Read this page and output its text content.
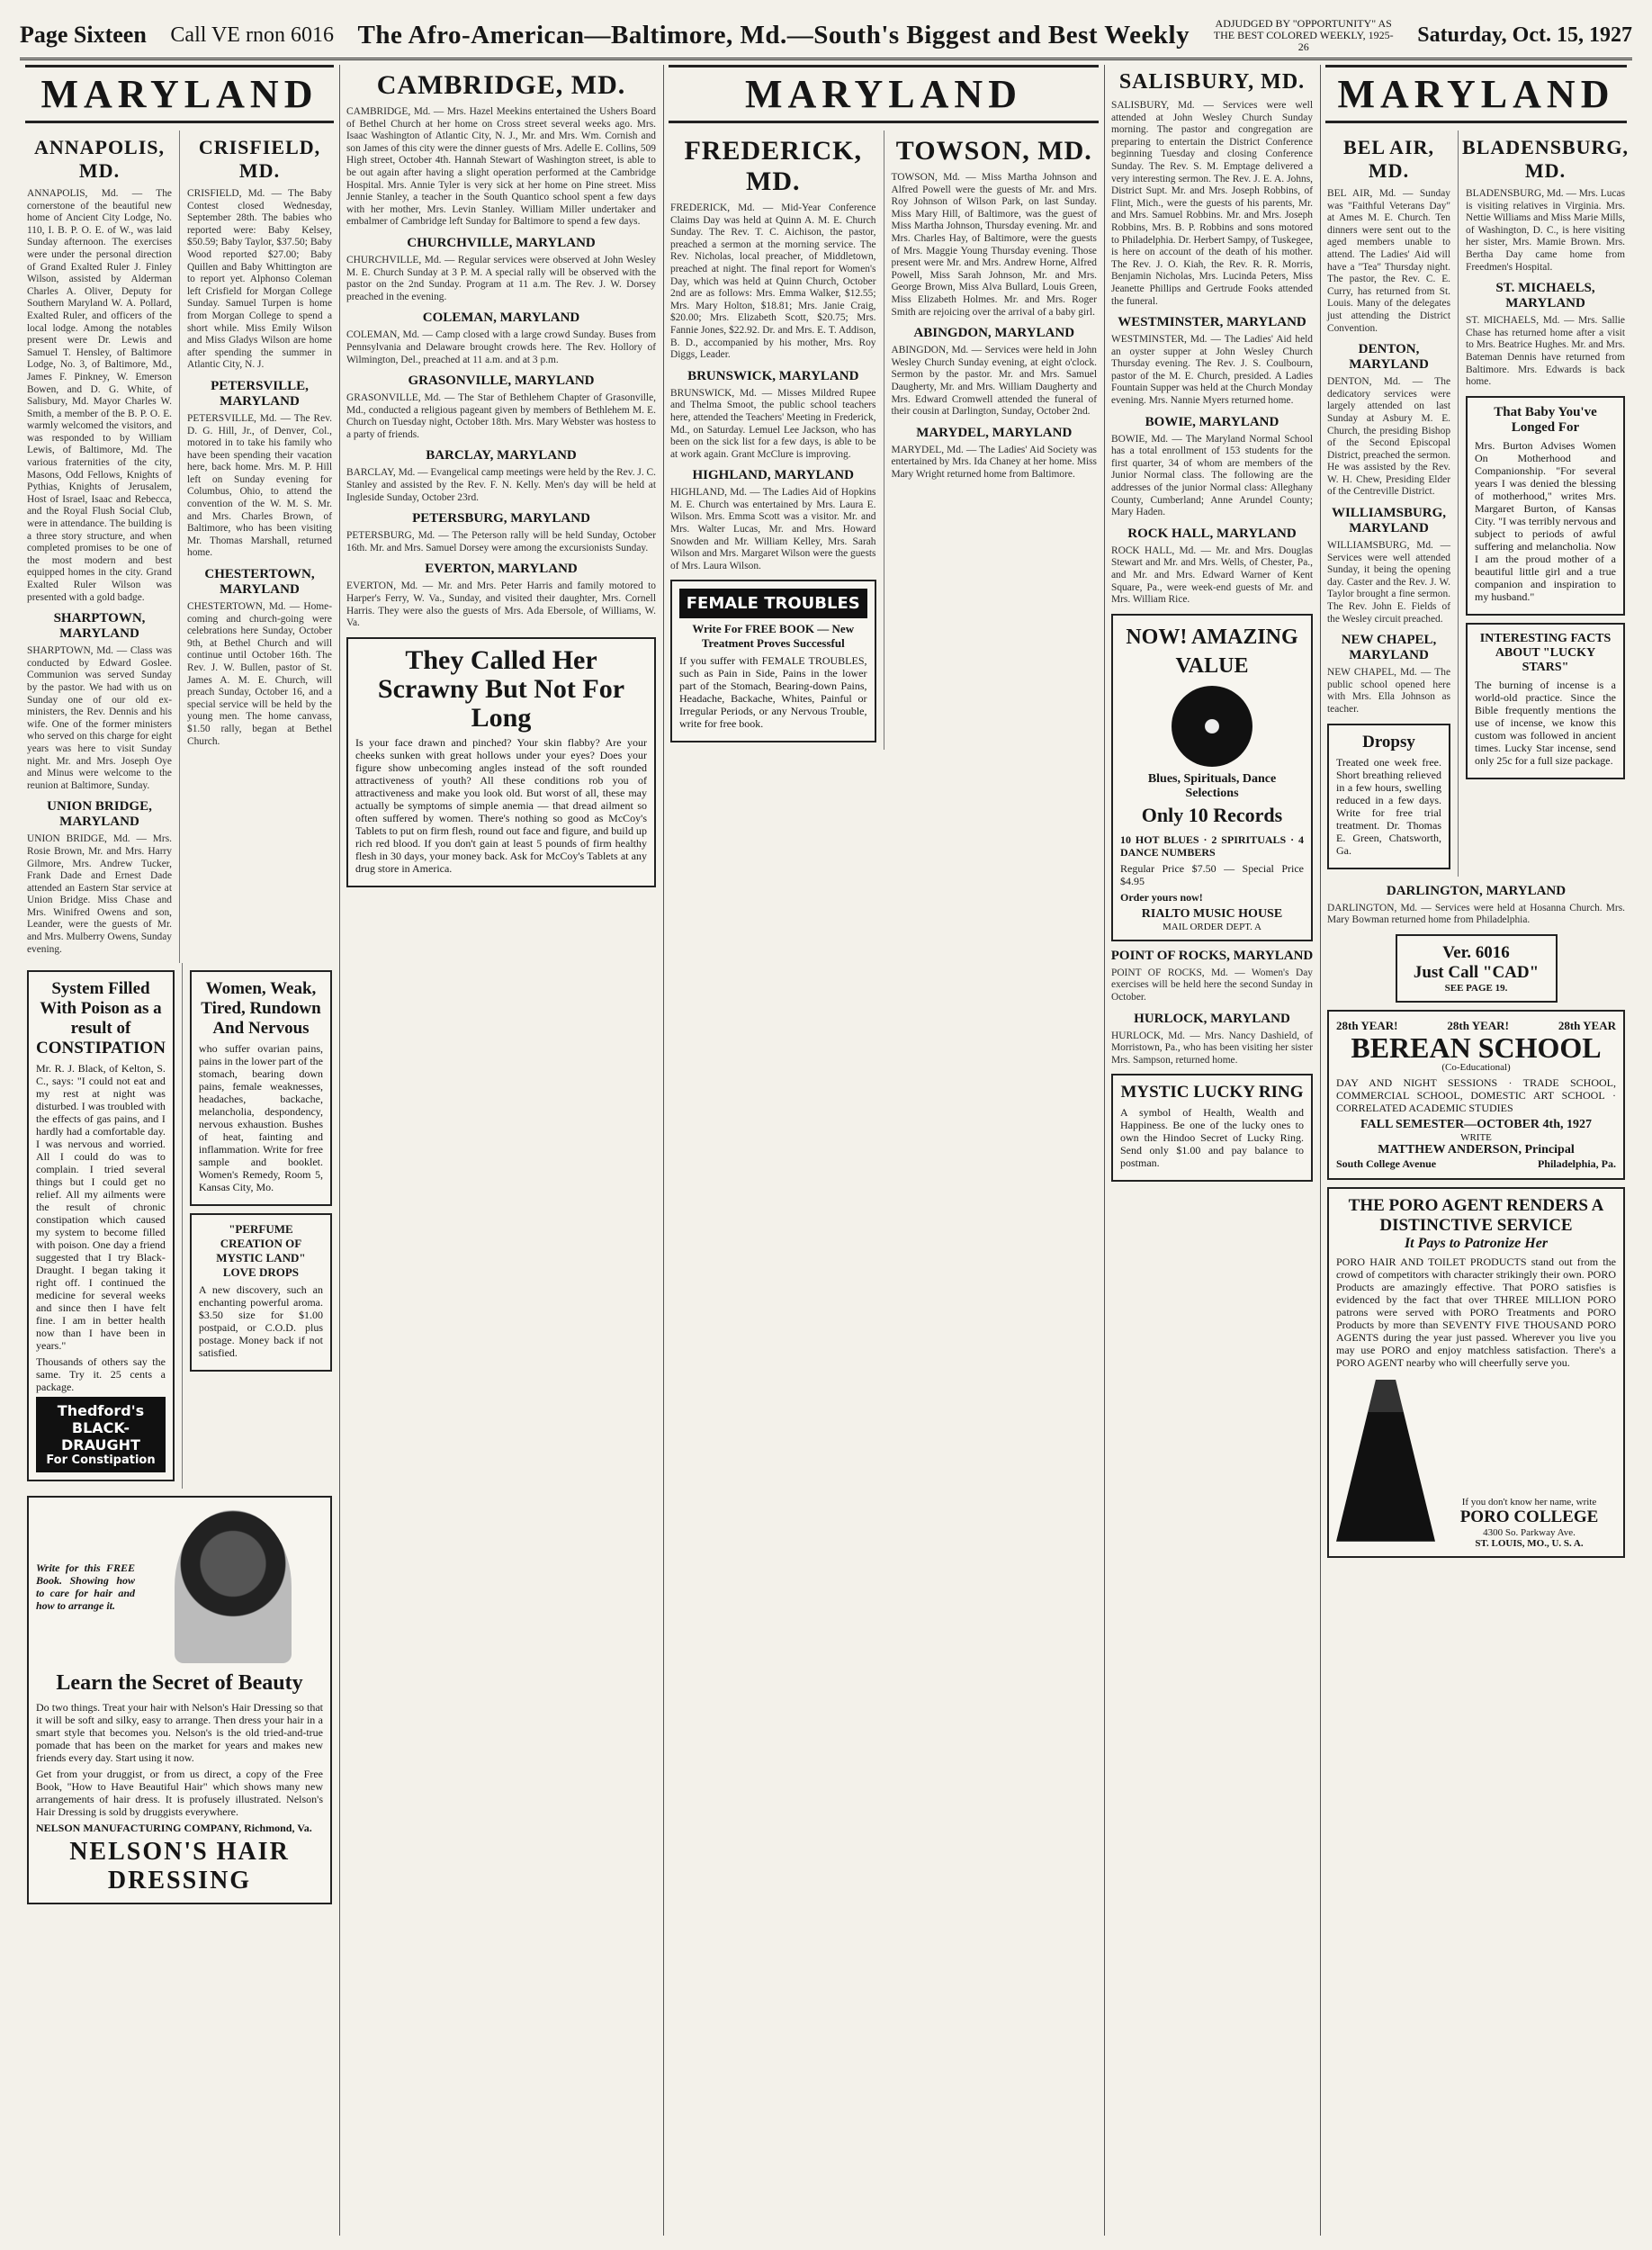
Page Sixteen Call VE rnon 6016 The Afro-American—Baltimore, Md.—South's Biggest and Best Weekly ADJUDGED BY "OPPORTUNITY" AS THE BEST COLORED WEEKLY, 1925-26	Saturday, Oct. 15, 1927
MARYLAND
ANNAPOLIS, MD.
ANNAPOLIS, Md. — The cornerstone of the beautiful new home of Ancient City Lodge, No. 110, I. B. P. O. E. of W., was laid Sunday afternoon. The exercises were under the personal direction of Grand Exalted Ruler J. Finley Wilson, assisted by Alderman Charles A. Oliver, Deputy for Southern Maryland W. A. Pollard, Exalted Ruler, and officers of the local lodge. Among the notables present were Dr. Lewis and Samuel T. Hensley, of Baltimore Lodge, No. 3, of Baltimore, Md., James F. Pinkney, W. Emerson Bowen, and D. G. White, of Salisbury, Md. Mayor Charles W. Smith, a member of the B. P. O. E. warmly welcomed the visitors, and was responded to by William Lewis, of Baltimore, Md. The various fraternities of the city, Masons, Odd Fellows, Knights of Pythias, Knights of Jerusalem, Host of Israel, Isaac and Rebecca, and the Royal Flush Social Club, were in attendance. The building is a three story structure, and when completed promises to be one of the most modern and best equipped homes in the city. Grand Exalted Ruler Wilson was presented with a gold badge.
SHARPTOWN, MARYLAND
SHARPTOWN, Md. — Class was conducted by Edward Goslee. Communion was served Sunday by the pastor. We had with us on Sunday one of our old ex-ministers, the Rev. Dennis and his wife. One of the former ministers who served on this charge for eight years was here to visit Sunday night. Mr. and Mrs. Joseph Oye and Minus were welcome to the reunion at Baltimore, Sunday.
UNION BRIDGE, MARYLAND
UNION BRIDGE, Md. — Mrs. Rosie Brown, Mr. and Mrs. Harry Gilmore, Mrs. Andrew Tucker, Frank Dade and Ernest Dade attended an Eastern Star service at Union Bridge. Miss Chase and Mrs. Winifred Owens and son, Leander, were the guests of Mr. and Mrs. Mulberry Owens, Sunday evening.
CRISFIELD, MD.
CRISFIELD, Md. — The Baby Contest closed Wednesday, September 28th. The babies who reported were: Baby Kelsey, $50.59; Baby Taylor, $37.50; Baby Wood reported $27.00; Baby Quillen and Baby Whittington are to report yet. Alphonso Coleman left Crisfield for Morgan College Sunday. Samuel Turpen is home from Morgan College to spend a short while. Miss Emily Wilson and Miss Gladys Wilson are home after spending the summer in Atlantic City, N. J.
PETERSVILLE, MARYLAND
PETERSVILLE, Md. — The Rev. D. G. Hill, Jr., of Denver, Col., motored in to take his family who have been spending their vacation here, back home. Mrs. M. P. Hill left on Sunday evening for Columbus, Ohio, to attend the convention of the W. M. S. Mr. and Mrs. Charles Brown, of Baltimore, who has been visiting Mr. Thomas Marshall, returned home.
CHESTERTOWN, MARYLAND
CHESTERTOWN, Md. — Home-coming and church-going were celebrations here Sunday, October 9th, at Bethel Church and will continue until October 16th. The Rev. J. W. Bullen, pastor of St. James A. M. E. Church, will preach Sunday, October 16, and a special service will be held by the young men. The home canvass, $1.50 rally, began at Bethel Church.
System Filled With Poison as a result of CONSTIPATION

Mr. R. J. Black, of Kelton, S. C., says: "I could not eat and my rest at night was disturbed. I was troubled with the effects of gas pains, and I hardly had a comfortable day. I was nervous and worried. All I could do was to complain. I tried several things but I could get no relief. All my ailments were the result of chronic constipation which caused my system to become filled with poison. One day a friend suggested that I try Black-Draught. I began taking it right off. I continued the medicine for several weeks and since then I have felt fine. I am in better health now than I have been in years."

Thousands of others say the same. Try it. 25 cents a package.

Thedford's BLACK-DRAUGHT
For Constipation
Women, Weak, Tired, Rundown And Nervous

who suffer ovarian pains, pains in the lower part of the stomach, bearing down pains, female weaknesses, headaches, backache, melancholia, despondency, nervous exhaustion. Bushes of heat, fainting and inflammation. Write for free sample and booklet. Women's Remedy, Room 5, Kansas City, Mo.

"PERFUME CREATION OF MYSTIC LAND" LOVE DROPS

A new discovery, such an enchanting powerful aroma. $3.50 size for $1.00 postpaid, or C.O.D. plus postage. Money back if not satisfied.

Write for this FREE Book. Showing how to care for hair and how to arrange it.

Learn the Secret of Beauty

Do two things. Treat your hair with Nelson's Hair Dressing so that it will be soft and silky, easy to arrange. Then dress your hair in a smart style that becomes you. Nelson's is the old tried-and-true pomade that has been on the market for years and makes new friends every day. Start using it now.

Get from your druggist, or from us direct, a copy of the Free Book, "How to Have Beautiful Hair" which shows many new arrangements of hair dress. It is profusely illustrated. Nelson's Hair Dressing is sold by druggists everywhere.

NELSON MANUFACTURING COMPANY, Richmond, Va.

NELSON'S HAIR DRESSING
CAMBRIDGE, MD.
CAMBRIDGE, Md. — Mrs. Hazel Meekins entertained the Ushers Board of Bethel Church at her home on Cross street several weeks ago. Mrs. Isaac Washington of Atlantic City, N. J., Mr. and Mrs. Wm. Cornish and son James of this city were the dinner guests of Mrs. Adelle E. Collins, 509 High street, October 4th. Hannah Stewart of Washington street, is able to be out again after having a slight operation performed at the Cambridge Hospital. Mrs. Annie Tyler is very sick at her home on Pine street. Miss Jennie Stanley, a teacher in the South Quantico school spent a few days with her mother, Mrs. Levin Stanley. William Miller undertaker and embalmer of Cambridge left Sunday for Baltimore to spend a few days.
CHURCHVILLE, MARYLAND
CHURCHVILLE, Md. — Regular services were observed at John Wesley M. E. Church Sunday at 3 P. M. A special rally will be observed with the pastor on the 2nd Sunday. Program at 11 a.m. The Rev. J. W. Dorsey preached in the evening.
COLEMAN, MARYLAND
COLEMAN, Md. — Camp closed with a large crowd Sunday. Buses from Pennsylvania and Delaware brought crowds here. The Rev. Hollory of Wilmington, Del., preached at 11 a.m. and at 3 p.m.
GRASONVILLE, MARYLAND
GRASONVILLE, Md. — The Star of Bethlehem Chapter of Grasonville, Md., conducted a religious pageant given by members of Bethlehem M. E. Church on Tuesday night, October 18th. Mrs. Mary Webster was hostess to a party of friends.
BARCLAY, MARYLAND
BARCLAY, Md. — Evangelical camp meetings were held by the Rev. J. C. Stanley and assisted by the Rev. F. N. Kelly. Men's day will be held at Ingleside Sunday, October 23rd.
PETERSBURG, MARYLAND
PETERSBURG, Md. — The Peterson rally will be held Sunday, October 16th. Mr. and Mrs. Samuel Dorsey were among the excursionists Sunday.
EVERTON, MARYLAND
EVERTON, Md. — Mr. and Mrs. Peter Harris and family motored to Harper's Ferry, W. Va., Sunday, and visited their daughter, Mrs. Cornell Harris. They were also the guests of Mrs. Ada Ebersole, of Williams, W. Va.
They Called Her Scrawny But Not For Long

Is your face drawn and pinched? Your skin flabby? Are your cheeks sunken with great hollows under your eyes? Does your figure show unbecoming angles instead of the soft rounded attractiveness of youth? All these conditions rob you of attractiveness and make you look old. But worst of all, these may actually be symptoms of simple anemia — that dread ailment so often suffered by women. There's nothing so good as McCoy's Tablets to put on firm flesh, round out face and figure, and build up rich red blood. If you don't gain at least 5 pounds of firm healthy flesh in 30 days, your money back. Ask for McCoy's Tablets at any drug store in America.

MARYLAND
FREDERICK, MD.
FREDERICK, Md. — Mid-Year Conference Claims Day was held at Quinn A. M. E. Church Sunday. The Rev. T. C. Aichison, the pastor, preached a sermon at the morning service. The Rev. Nicholas, local preacher, of Middletown, preached at night. The final report for Women's Day, which was held at Quinn Church, October 2nd are as follows: Mrs. Emma Walker, $12.55; Mrs. Mary Holton, $18.81; Mrs. Janie Craig, $20.00; Mrs. Elizabeth Scott, $20.75; Mrs. Fannie Jones, $22.92. Dr. and Mrs. E. T. Addison, B. D., accompanied by his mother, Mrs. Roy Diggs, Leader.
BRUNSWICK, MARYLAND
BRUNSWICK, Md. — Misses Mildred Rupee and Thelma Smoot, the public school teachers here, attended the Teachers' Meeting in Frederick, Md., on Saturday. Lemuel Lee Jackson, who has been on the sick list for a few days, is able to be at work again. Grant McClure is improving.
HIGHLAND, MARYLAND
HIGHLAND, Md. — The Ladies Aid of Hopkins M. E. Church was entertained by Mrs. Laura E. Wilson. Mrs. Emma Scott was a visitor. Mr. and Mrs. Walter Lucas, Mr. and Mrs. Howard Snowden and Mr. William Kelley, Mrs. Sarah Wilson and Mrs. Margaret Wilson were the guests of Mrs. Laura Wilson.
FEMALE TROUBLES
Write For FREE BOOK — New Treatment Proves Successful

If you suffer with FEMALE TROUBLES, such as Pain in Side, Pains in the lower part of the Stomach, Bearing-down Pains, Headache, Backache, Whites, Painful or Irregular Periods, or any Nervous Trouble, write for free book.

TOWSON, MD.
TOWSON, Md. — Miss Martha Johnson and Alfred Powell were the guests of Mr. and Mrs. Roy Johnson of Wilson Park, on last Sunday. Miss Mary Hill, of Baltimore, was the guest of Miss Martha Johnson, Thursday evening. Mr. and Mrs. Charles Hay, of Baltimore, were the guests of Mrs. Maggie Young Thursday evening. Those present were Mr. and Mrs. Andrew Horne, Alfred Powell, Miss Sarah Johnson, Mr. and Mrs. George Brown, Miss Alva Bullard, Louis Green, Miss Elizabeth Holmes. Mr. and Mrs. Roger Smith are rejoicing over the arrival of a baby girl.
ABINGDON, MARYLAND
ABINGDON, Md. — Services were held in John Wesley Church Sunday evening, at eight o'clock. Sermon by the pastor. Mr. and Mrs. Samuel Daugherty, Mr. and Mrs. William Daugherty and Mrs. Edward Cromwell attended the funeral of their cousin at Darlington, Sunday, October 2nd.
MARYDEL, MARYLAND
MARYDEL, Md. — The Ladies' Aid Society was entertained by Mrs. Ida Chaney at her home. Miss Mary Wright returned home from Baltimore.
SALISBURY, MD.
SALISBURY, Md. — Services were well attended at John Wesley Church Sunday morning. The pastor and congregation are preparing to entertain the District Conference beginning Tuesday and closing Conference Sunday. The Rev. S. M. Emptage delivered a very interesting sermon. The Rev. J. E. A. Johns, District Supt. Mr. and Mrs. Joseph Robbins, of Flint, Mich., were the guests of his parents, Mr. and Mrs. Samuel Robbins. Mr. and Mrs. Joseph Robbins, Mrs. B. P. Robbins and sons motored to Philadelphia. Dr. Herbert Sampy, of Tuskegee, is here on account of the death of his mother. The Rev. J. O. Kiah, the Rev. R. R. Morris, Benjamin Nicholas, Mrs. Lucinda Peters, Miss Jeanette Phillips and Gertrude Fooks attended the funeral.
WESTMINSTER, MARYLAND
WESTMINSTER, Md. — The Ladies' Aid held an oyster supper at John Wesley Church Thursday evening. The Rev. J. S. Coulbourn, pastor of the M. E. Church, presided. A Ladies Fountain Supper was held at the Church Monday evening. Mrs. Nannie Myers returned home.
BOWIE, MARYLAND
BOWIE, Md. — The Maryland Normal School has a total enrollment of 153 students for the first quarter, 34 of whom are members of the Junior Normal class. The following are the addresses of the junior Normal class: Alleghany County, Cumberland; Anne Arundel County; Mary Haden.
ROCK HALL, MARYLAND
ROCK HALL, Md. — Mr. and Mrs. Douglas Stewart and Mr. and Mrs. Wells, of Chester, Pa., and Mr. and Mrs. Edward Warner of Kent Square, Pa., were week-end guests of Mr. and Mrs. William Rice.
NOW! AMAZING VALUE
Blues, Spirituals, Dance Selections
Only 10 Records

10 HOT BLUES · 2 SPIRITUALS · 4 DANCE NUMBERS

Regular Price $7.50 — Special Price $4.95

Order yours now!

RIALTO MUSIC HOUSE
MAIL ORDER DEPT. A
POINT OF ROCKS, MARYLAND
POINT OF ROCKS, Md. — Women's Day exercises will be held here the second Sunday in October.
HURLOCK, MARYLAND
HURLOCK, Md. — Mrs. Nancy Dashield, of Morristown, Pa., who has been visiting her sister Mrs. Sampson, returned home.
MYSTIC LUCKY RING

A symbol of Health, Wealth and Happiness. Be one of the lucky ones to own the Hindoo Secret of Lucky Ring. Send only $1.00 and pay balance to postman.

MARYLAND
BEL AIR, MD.
BEL AIR, Md. — Sunday was "Faithful Veterans Day" at Ames M. E. Church. Ten dinners were sent out to the aged members unable to attend. The Ladies' Aid will have a "Tea" Thursday night. The pastor, the Rev. C. E. Curry, has returned from St. Louis. Many of the delegates just attending the District Convention.
DENTON, MARYLAND
DENTON, Md. — The dedicatory services were largely attended on last Sunday at Asbury M. E. Church, the presiding Bishop of the Second Episcopal District, preached the sermon. He was assisted by the Rev. W. H. Chew, Presiding Elder of the Centreville District.
WILLIAMSBURG, MARYLAND
WILLIAMSBURG, Md. — Services were well attended Sunday, it being the opening day. Caster and the Rev. J. W. Taylor brought a fine sermon. The Rev. John E. Fields of the Wesley circuit preached.
NEW CHAPEL, MARYLAND
NEW CHAPEL, Md. — The public school opened here with Mrs. Ella Johnson as teacher.
Dropsy

Treated one week free. Short breathing relieved in a few hours, swelling reduced in a few days. Write for free trial treatment. Dr. Thomas E. Green, Chatsworth, Ga.

BLADENSBURG, MD.
BLADENSBURG, Md. — Mrs. Lucas is visiting relatives in Virginia. Mrs. Nettie Williams and Miss Marie Mills, of Washington, D. C., is here visiting her sister, Mrs. Mamie Brown. Mrs. Bertha Day came home from Freedmen's Hospital.
ST. MICHAELS, MARYLAND
ST. MICHAELS, Md. — Mrs. Sallie Chase has returned home after a visit to Mrs. Beatrice Hughes. Mr. and Mrs. Bateman Dennis have returned from Baltimore. Mrs. Edwards is back home.
That Baby You've Longed For

Mrs. Burton Advises Women On Motherhood and Companionship. "For several years I was denied the blessing of motherhood," writes Mrs. Margaret Burton, of Kansas City. "I was terribly nervous and subject to periods of awful suffering and melancholia. Now I am the proud mother of a beautiful little girl and a true companion and inspiration to my husband."

INTERESTING FACTS ABOUT "LUCKY STARS"

The burning of incense is a world-old practice. Since the Bible frequently mentions the use of incense, we know this custom was followed in ancient times. Lucky Star incense, send only 25c for a full size package.

DARLINGTON, MARYLAND
DARLINGTON, Md. — Services were held at Hosanna Church. Mrs. Mary Bowman returned home from Philadelphia.
Ver. 6016
Just Call "CAD"
SEE PAGE 19.
28th YEAR!	28th YEAR!	28th YEAR
BEREAN SCHOOL
(Co-Educational)

DAY AND NIGHT SESSIONS · TRADE SCHOOL, COMMERCIAL SCHOOL, DOMESTIC ART SCHOOL · CORRELATED ACADEMIC STUDIES

FALL SEMESTER—OCTOBER 4th, 1927
WRITE
MATTHEW ANDERSON, Principal
South College Avenue	Philadelphia, Pa.
THE PORO AGENT RENDERS A DISTINCTIVE SERVICE
It Pays to Patronize Her

PORO HAIR AND TOILET PRODUCTS stand out from the crowd of competitors with character strikingly their own. PORO Products are amazingly effective. That PORO satisfies is evidenced by the fact that over THREE MILLION PORO patrons were served with PORO Treatments and PORO Products by more than SEVENTY FIVE THOUSAND PORO AGENTS during the year just passed. Wherever you live you may use PORO and enjoy matchless satisfaction. There's a PORO AGENT nearby who will cheerfully serve you.

If you don't know her name, write
PORO COLLEGE
4300 So. Parkway Ave.
ST. LOUIS, MO., U. S. A.
